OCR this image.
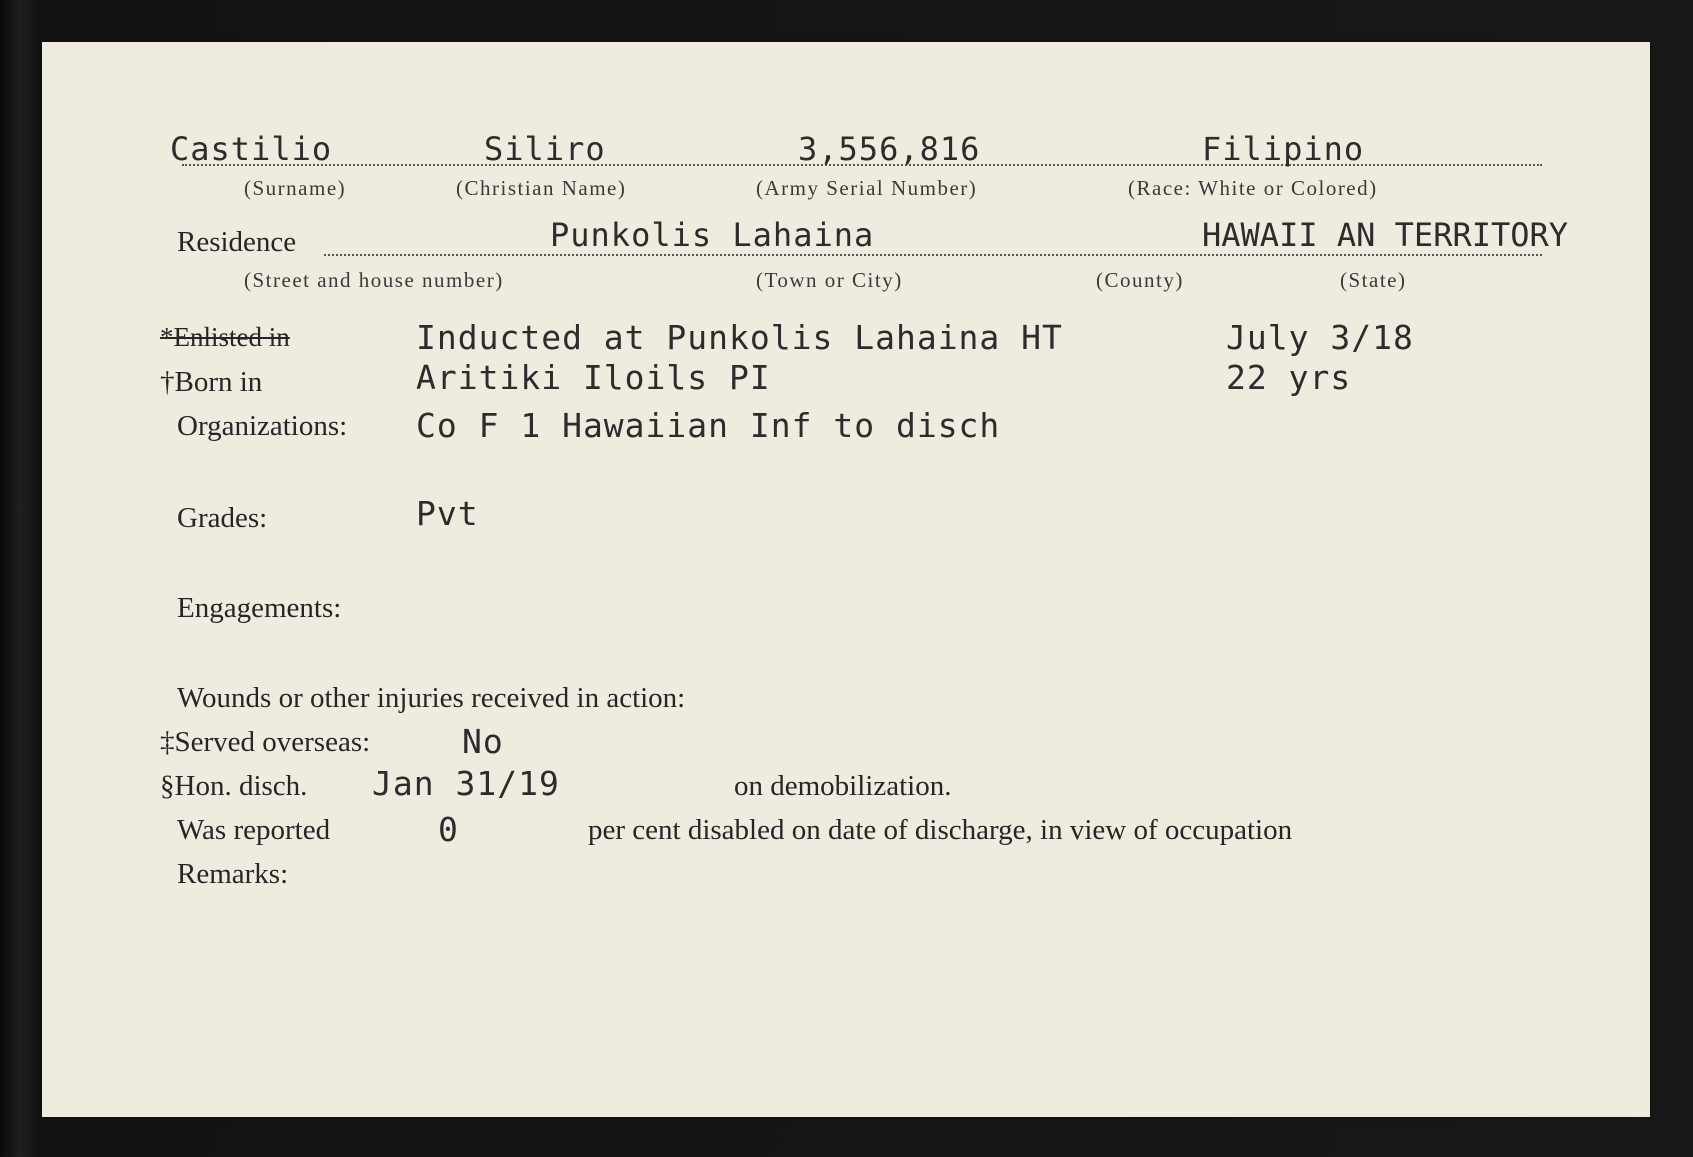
Castilio	Siliro	3,556,816	Filipino
(Surname)	(Christian Name)	(Army Serial Number)	(Race: White or Colored)
Residence	Punkolis Lahaina	HAWAII AN TERRITORY
(Street and house number)	(Town or City)	(County)	(State)
*Enlisted in	Inducted at Punkolis Lahaina HT	July 3/18
†Born in	Aritiki Iloils PI	22 yrs
Organizations: Co F 1 Hawaiian Inf to disch
Grades:	Pvt
Engagements:
Wounds or other injuries received in action:
‡Served overseas:	No
§Hon. disch. Jan 31/19	on demobilization.
Was reported	0	per cent disabled on date of discharge, in view of occupation
Remarks:
